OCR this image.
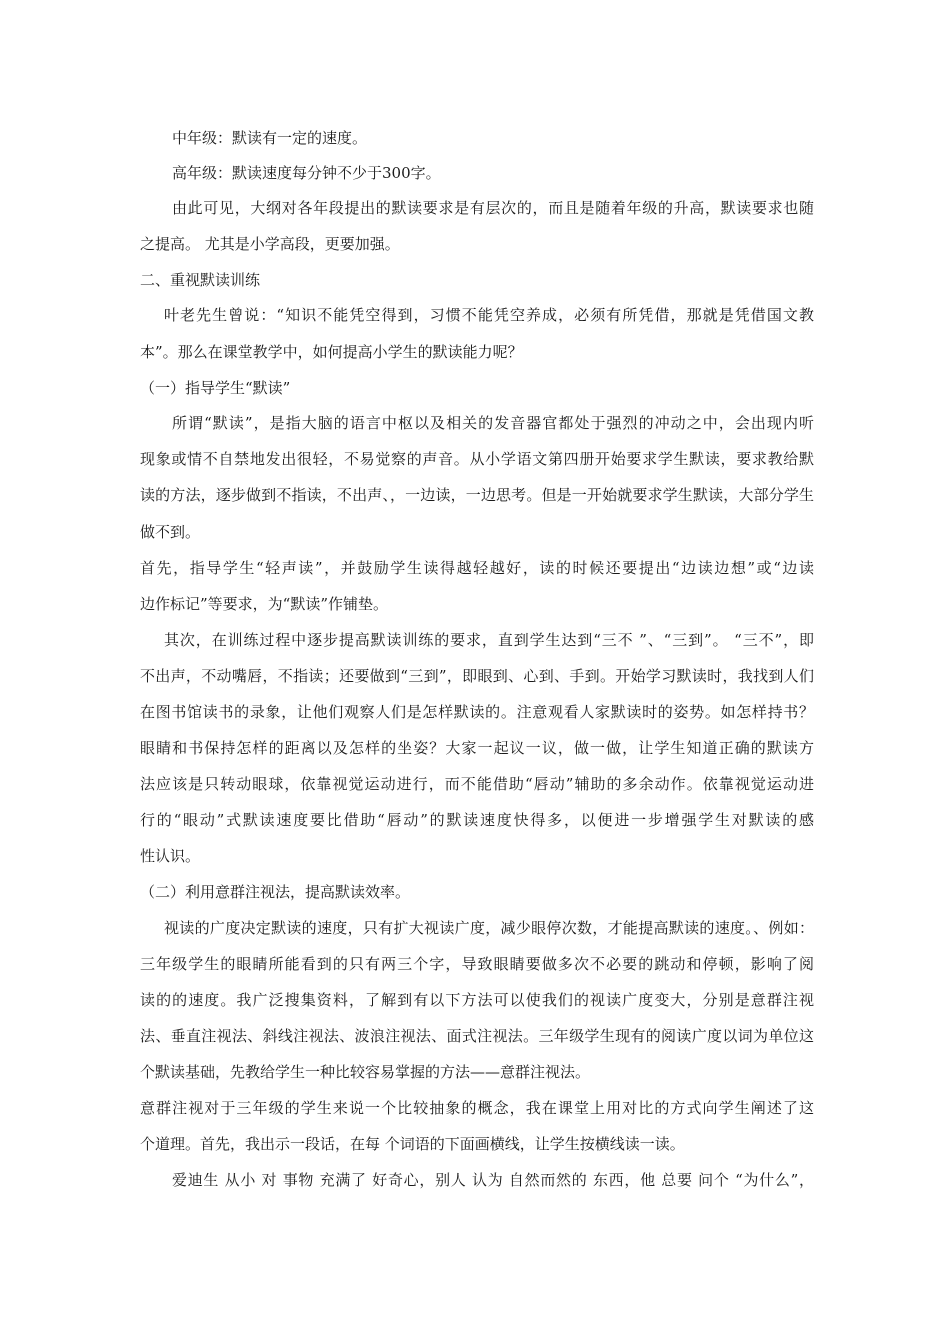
中年级：默读有一定的速度。
高年级：默读速度每分钟不少于300字。
由此可见，大纲对各年段提出的默读要求是有层次的，而且是随着年级的升高，默读要求也随
之提高。 尤其是小学高段，更要加强。
二、重视默读训练
叶老先生曾说：“知识不能凭空得到，习惯不能凭空养成，必须有所凭借，那就是凭借国文教
本”。那么在课堂教学中，如何提高小学生的默读能力呢？
（一）指导学生“默读”
所谓“默读”，是指大脑的语言中枢以及相关的发音器官都处于强烈的冲动之中，会出现内听
现象或情不自禁地发出很轻，不易觉察的声音。从小学语文第四册开始要求学生默读，要求教给默
读的方法，逐步做到不指读，不出声、，一边读，一边思考。但是一开始就要求学生默读，大部分学生
做不到。
首先，指导学生“轻声读”，并鼓励学生读得越轻越好，读的时候还要提出“边读边想”或“边读
边作标记”等要求，为“默读”作铺垫。
其次，在训练过程中逐步提高默读训练的要求，直到学生达到“三不 ”、“三到”。 “三不”，即
不出声，不动嘴唇，不指读；还要做到“三到”，即眼到、心到、手到。开始学习默读时，我找到人们
在图书馆读书的录象，让他们观察人们是怎样默读的。注意观看人家默读时的姿势。如怎样持书？
眼睛和书保持怎样的距离以及怎样的坐姿？大家一起议一议，做一做，让学生知道正确的默读方
法应该是只转动眼球，依靠视觉运动进行，而不能借助“唇动”辅助的多余动作。依靠视觉运动进
行的“眼动”式默读速度要比借助“唇动”的默读速度快得多，以便进一步增强学生对默读的感
性认识。
（二）利用意群注视法，提高默读效率。
视读的广度决定默读的速度，只有扩大视读广度，减少眼停次数，才能提高默读的速度。、例如：
三年级学生的眼睛所能看到的只有两三个字，导致眼睛要做多次不必要的跳动和停顿，影响了阅
读的的速度。我广泛搜集资料，了解到有以下方法可以使我们的视读广度变大，分别是意群注视
法、垂直注视法、斜线注视法、波浪注视法、面式注视法。三年级学生现有的阅读广度以词为单位这
个默读基础，先教给学生一种比较容易掌握的方法——意群注视法。
意群注视对于三年级的学生来说一个比较抽象的概念，我在课堂上用对比的方式向学生阐述了这
个道理。首先，我出示一段话，在每 个词语的下面画横线，让学生按横线读一读。
爱迪生 从小 对 事物 充满了 好奇心，别人 认为 自然而然的 东西，他 总要 问个 “为什么”，
